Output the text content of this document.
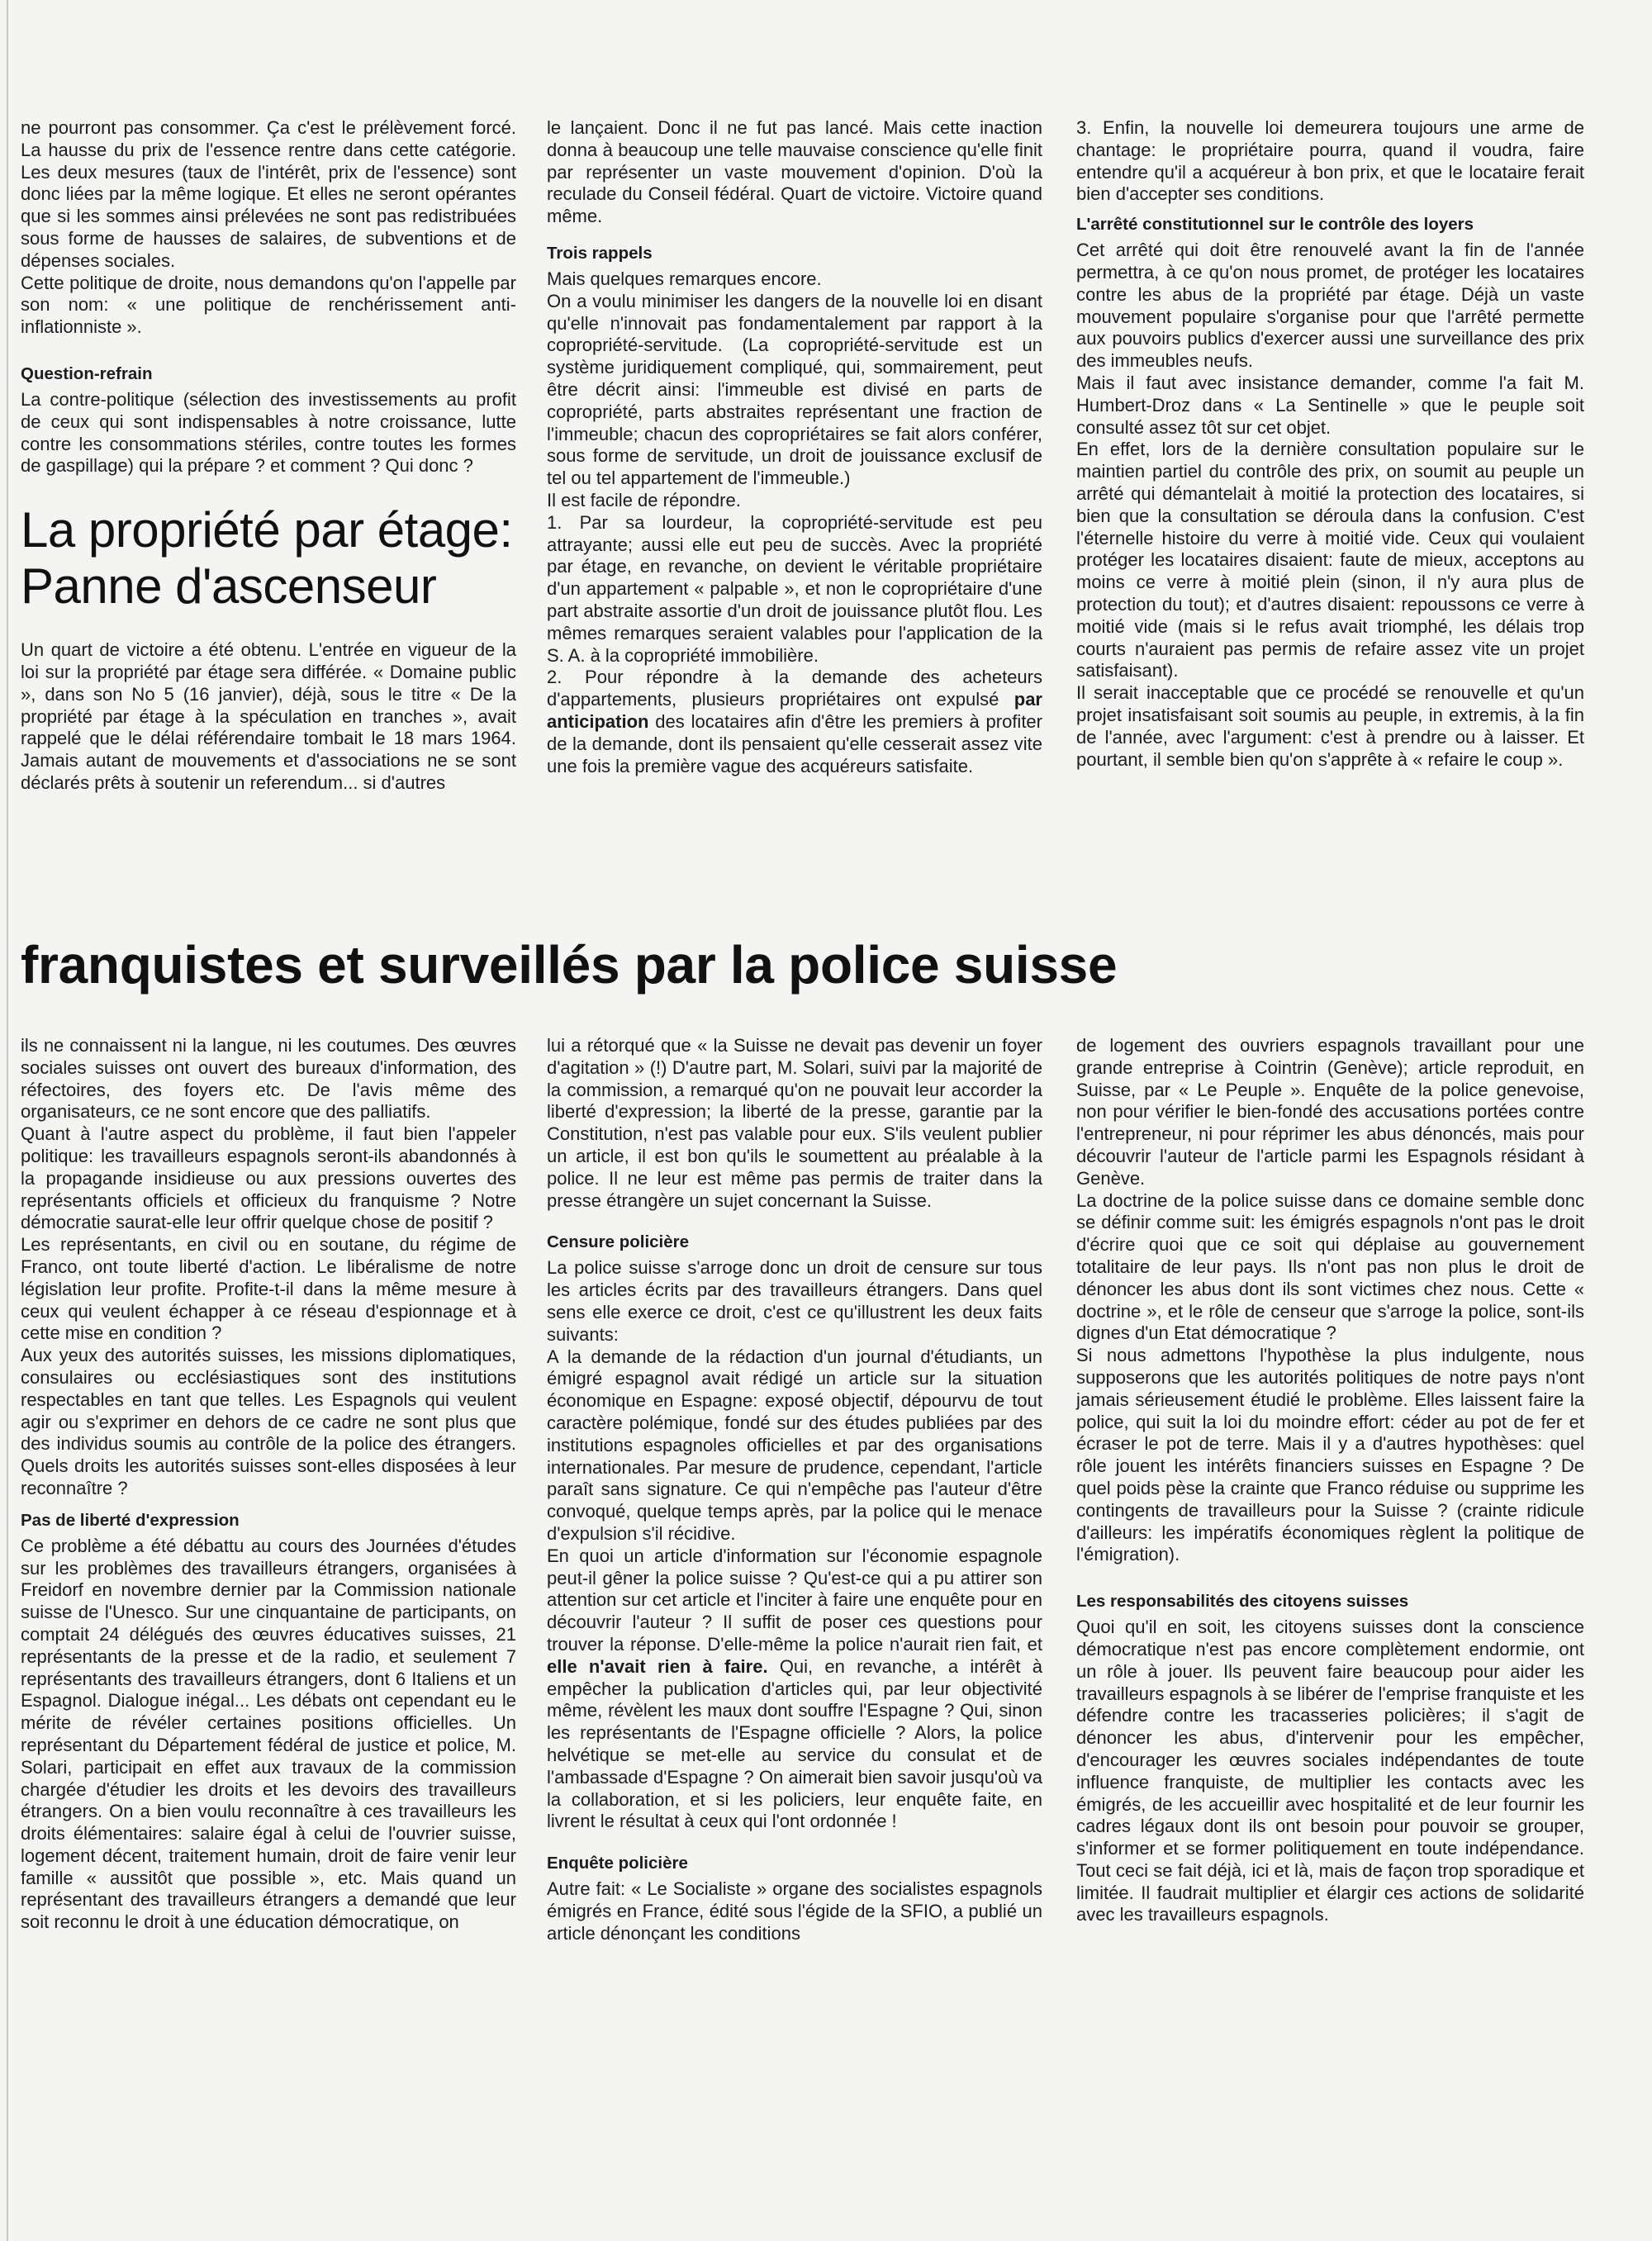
ne pourront pas consommer. Ça c'est le prélèvement forcé. La hausse du prix de l'essence rentre dans cette catégorie. Les deux mesures (taux de l'intérêt, prix de l'essence) sont donc liées par la même logique. Et elles ne seront opérantes que si les sommes ainsi prélevées ne sont pas redistribuées sous forme de hausses de salaires, de subventions et de dépenses sociales.

Cette politique de droite, nous demandons qu'on l'appelle par son nom: « une politique de renchérissement anti-inflationniste ».

Question-refrain

La contre-politique (sélection des investissements au profit de ceux qui sont indispensables à notre croissance, lutte contre les consommations stériles, contre toutes les formes de gaspillage) qui la prépare ? et comment ? Qui donc ?

La propriété par étage:
Panne d'ascenseur

Un quart de victoire a été obtenu. L'entrée en vigueur de la loi sur la propriété par étage sera différée. « Domaine public », dans son No 5 (16 janvier), déjà, sous le titre « De la propriété par étage à la spéculation en tranches », avait rappelé que le délai référendaire tombait le 18 mars 1964. Jamais autant de mouvements et d'associations ne se sont déclarés prêts à soutenir un referendum... si d'autres

le lançaient. Donc il ne fut pas lancé. Mais cette inaction donna à beaucoup une telle mauvaise conscience qu'elle finit par représenter un vaste mouvement d'opinion. D'où la reculade du Conseil fédéral. Quart de victoire. Victoire quand même.

Trois rappels

Mais quelques remarques encore.

On a voulu minimiser les dangers de la nouvelle loi en disant qu'elle n'innovait pas fondamentalement par rapport à la copropriété-servitude. (La copropriété-servitude est un système juridiquement compliqué, qui, sommairement, peut être décrit ainsi: l'immeuble est divisé en parts de copropriété, parts abstraites représentant une fraction de l'immeuble; chacun des copropriétaires se fait alors conférer, sous forme de servitude, un droit de jouissance exclusif de tel ou tel appartement de l'immeuble.)

Il est facile de répondre.

1. Par sa lourdeur, la copropriété-servitude est peu attrayante; aussi elle eut peu de succès. Avec la propriété par étage, en revanche, on devient le véritable propriétaire d'un appartement « palpable », et non le copropriétaire d'une part abstraite assortie d'un droit de jouissance plutôt flou. Les mêmes remarques seraient valables pour l'application de la S. A. à la copropriété immobilière.

2. Pour répondre à la demande des acheteurs d'appartements, plusieurs propriétaires ont expulsé par anticipation des locataires afin d'être les premiers à profiter de la demande, dont ils pensaient qu'elle cesserait assez vite une fois la première vague des acquéreurs satisfaite.

3. Enfin, la nouvelle loi demeurera toujours une arme de chantage: le propriétaire pourra, quand il voudra, faire entendre qu'il a acquéreur à bon prix, et que le locataire ferait bien d'accepter ses conditions.

L'arrêté constitutionnel sur le contrôle des loyers

Cet arrêté qui doit être renouvelé avant la fin de l'année permettra, à ce qu'on nous promet, de protéger les locataires contre les abus de la propriété par étage. Déjà un vaste mouvement populaire s'organise pour que l'arrêté permette aux pouvoirs publics d'exercer aussi une surveillance des prix des immeubles neufs.

Mais il faut avec insistance demander, comme l'a fait M. Humbert-Droz dans « La Sentinelle » que le peuple soit consulté assez tôt sur cet objet.

En effet, lors de la dernière consultation populaire sur le maintien partiel du contrôle des prix, on soumit au peuple un arrêté qui démantelait à moitié la protection des locataires, si bien que la consultation se déroula dans la confusion. C'est l'éternelle histoire du verre à moitié vide. Ceux qui voulaient protéger les locataires disaient: faute de mieux, acceptons au moins ce verre à moitié plein (sinon, il n'y aura plus de protection du tout); et d'autres disaient: repoussons ce verre à moitié vide (mais si le refus avait triomphé, les délais trop courts n'auraient pas permis de refaire assez vite un projet satisfaisant).

Il serait inacceptable que ce procédé se renouvelle et qu'un projet insatisfaisant soit soumis au peuple, in extremis, à la fin de l'année, avec l'argument: c'est à prendre ou à laisser. Et pourtant, il semble bien qu'on s'apprête à « refaire le coup ».

franquistes et surveillés par la police suisse

ils ne connaissent ni la langue, ni les coutumes. Des œuvres sociales suisses ont ouvert des bureaux d'information, des réfectoires, des foyers etc. De l'avis même des organisateurs, ce ne sont encore que des palliatifs.

Quant à l'autre aspect du problème, il faut bien l'appeler politique: les travailleurs espagnols seront-ils abandonnés à la propagande insidieuse ou aux pressions ouvertes des représentants officiels et officieux du franquisme ? Notre démocratie saurat-elle leur offrir quelque chose de positif ?

Les représentants, en civil ou en soutane, du régime de Franco, ont toute liberté d'action. Le libéralisme de notre législation leur profite. Profite-t-il dans la même mesure à ceux qui veulent échapper à ce réseau d'espionnage et à cette mise en condition ?

Aux yeux des autorités suisses, les missions diplomatiques, consulaires ou ecclésiastiques sont des institutions respectables en tant que telles. Les Espagnols qui veulent agir ou s'exprimer en dehors de ce cadre ne sont plus que des individus soumis au contrôle de la police des étrangers. Quels droits les autorités suisses sont-elles disposées à leur reconnaître ?

Pas de liberté d'expression

Ce problème a été débattu au cours des Journées d'études sur les problèmes des travailleurs étrangers, organisées à Freidorf en novembre dernier par la Commission nationale suisse de l'Unesco. Sur une cinquantaine de participants, on comptait 24 délégués des œuvres éducatives suisses, 21 représentants de la presse et de la radio, et seulement 7 représentants des travailleurs étrangers, dont 6 Italiens et un Espagnol. Dialogue inégal... Les débats ont cependant eu le mérite de révéler certaines positions officielles. Un représentant du Département fédéral de justice et police, M. Solari, participait en effet aux travaux de la commission chargée d'étudier les droits et les devoirs des travailleurs étrangers. On a bien voulu reconnaître à ces travailleurs les droits élémentaires: salaire égal à celui de l'ouvrier suisse, logement décent, traitement humain, droit de faire venir leur famille « aussitôt que possible », etc. Mais quand un représentant des travailleurs étrangers a demandé que leur soit reconnu le droit à une éducation démocratique, on

lui a rétorqué que « la Suisse ne devait pas devenir un foyer d'agitation » (!) D'autre part, M. Solari, suivi par la majorité de la commission, a remarqué qu'on ne pouvait leur accorder la liberté d'expression; la liberté de la presse, garantie par la Constitution, n'est pas valable pour eux. S'ils veulent publier un article, il est bon qu'ils le soumettent au préalable à la police. Il ne leur est même pas permis de traiter dans la presse étrangère un sujet concernant la Suisse.

Censure policière

La police suisse s'arroge donc un droit de censure sur tous les articles écrits par des travailleurs étrangers. Dans quel sens elle exerce ce droit, c'est ce qu'illustrent les deux faits suivants:

A la demande de la rédaction d'un journal d'étudiants, un émigré espagnol avait rédigé un article sur la situation économique en Espagne: exposé objectif, dépourvu de tout caractère polémique, fondé sur des études publiées par des institutions espagnoles officielles et par des organisations internationales. Par mesure de prudence, cependant, l'article paraît sans signature. Ce qui n'empêche pas l'auteur d'être convoqué, quelque temps après, par la police qui le menace d'expulsion s'il récidive.

En quoi un article d'information sur l'économie espagnole peut-il gêner la police suisse ? Qu'est-ce qui a pu attirer son attention sur cet article et l'inciter à faire une enquête pour en découvrir l'auteur ? Il suffit de poser ces questions pour trouver la réponse. D'elle-même la police n'aurait rien fait, et elle n'avait rien à faire. Qui, en revanche, a intérêt à empêcher la publication d'articles qui, par leur objectivité même, révèlent les maux dont souffre l'Espagne ? Qui, sinon les représentants de l'Espagne officielle ? Alors, la police helvétique se met-elle au service du consulat et de l'ambassade d'Espagne ? On aimerait bien savoir jusqu'où va la collaboration, et si les policiers, leur enquête faite, en livrent le résultat à ceux qui l'ont ordonnée !

Enquête policière

Autre fait: « Le Socialiste » organe des socialistes espagnols émigrés en France, édité sous l'égide de la SFIO, a publié un article dénonçant les conditions

de logement des ouvriers espagnols travaillant pour une grande entreprise à Cointrin (Genève); article reproduit, en Suisse, par « Le Peuple ». Enquête de la police genevoise, non pour vérifier le bien-fondé des accusations portées contre l'entrepreneur, ni pour réprimer les abus dénoncés, mais pour découvrir l'auteur de l'article parmi les Espagnols résidant à Genève.

La doctrine de la police suisse dans ce domaine semble donc se définir comme suit: les émigrés espagnols n'ont pas le droit d'écrire quoi que ce soit qui déplaise au gouvernement totalitaire de leur pays. Ils n'ont pas non plus le droit de dénoncer les abus dont ils sont victimes chez nous. Cette « doctrine », et le rôle de censeur que s'arroge la police, sont-ils dignes d'un Etat démocratique ?

Si nous admettons l'hypothèse la plus indulgente, nous supposerons que les autorités politiques de notre pays n'ont jamais sérieusement étudié le problème. Elles laissent faire la police, qui suit la loi du moindre effort: céder au pot de fer et écraser le pot de terre. Mais il y a d'autres hypothèses: quel rôle jouent les intérêts financiers suisses en Espagne ? De quel poids pèse la crainte que Franco réduise ou supprime les contingents de travailleurs pour la Suisse ? (crainte ridicule d'ailleurs: les impératifs économiques règlent la politique de l'émigration).

Les responsabilités des citoyens suisses

Quoi qu'il en soit, les citoyens suisses dont la conscience démocratique n'est pas encore complètement endormie, ont un rôle à jouer. Ils peuvent faire beaucoup pour aider les travailleurs espagnols à se libérer de l'emprise franquiste et les défendre contre les tracasseries policières; il s'agit de dénoncer les abus, d'intervenir pour les empêcher, d'encourager les œuvres sociales indépendantes de toute influence franquiste, de multiplier les contacts avec les émigrés, de les accueillir avec hospitalité et de leur fournir les cadres légaux dont ils ont besoin pour pouvoir se grouper, s'informer et se former politiquement en toute indépendance. Tout ceci se fait déjà, ici et là, mais de façon trop sporadique et limitée. Il faudrait multiplier et élargir ces actions de solidarité avec les travailleurs espagnols.
